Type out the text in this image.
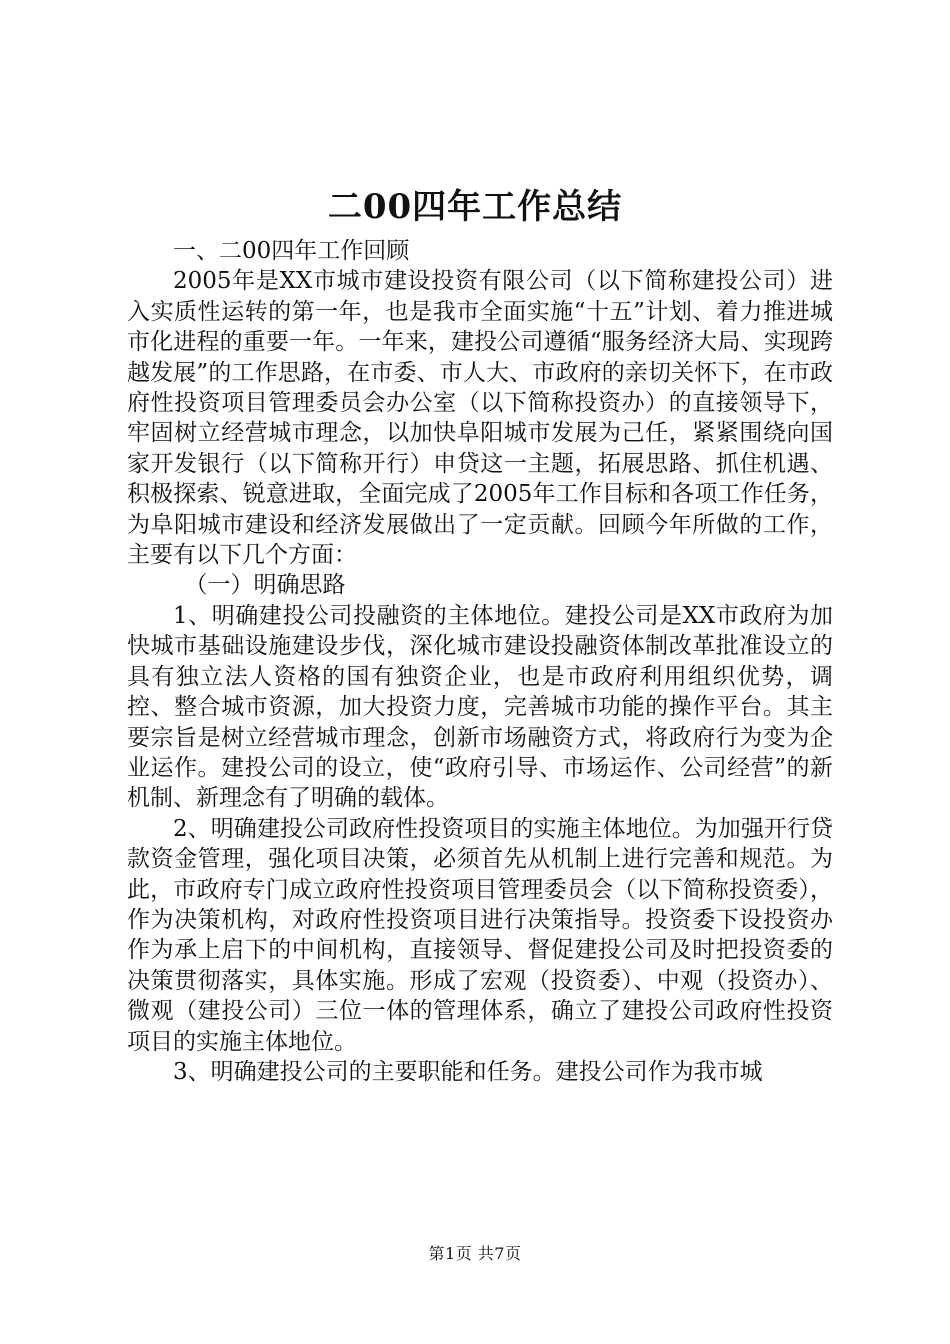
二00四年工作总结

一、二00四年工作回顾

2005年是XX市城市建设投资有限公司（以下简称建投公司）进入实质性运转的第一年，也是我市全面实施“十五”计划、着力推进城市化进程的重要一年。一年来，建投公司遵循“服务经济大局、实现跨越发展”的工作思路，在市委、市人大、市政府的亲切关怀下，在市政府性投资项目管理委员会办公室（以下简称投资办）的直接领导下，牢固树立经营城市理念，以加快阜阳城市发展为己任，紧紧围绕向国家开发银行（以下简称开行）申贷这一主题，拓展思路、抓住机遇、积极探索、锐意进取，全面完成了2005年工作目标和各项工作任务，为阜阳城市建设和经济发展做出了一定贡献。回顾今年所做的工作，主要有以下几个方面：

（一）明确思路

1、明确建投公司投融资的主体地位。建投公司是XX市政府为加快城市基础设施建设步伐，深化城市建设投融资体制改革批准设立的具有独立法人资格的国有独资企业，也是市政府利用组织优势，调控、整合城市资源，加大投资力度，完善城市功能的操作平台。其主要宗旨是树立经营城市理念，创新市场融资方式，将政府行为变为企业运作。建投公司的设立，使“政府引导、市场运作、公司经营”的新机制、新理念有了明确的载体。

2、明确建投公司政府性投资项目的实施主体地位。为加强开行贷款资金管理，强化项目决策，必须首先从机制上进行完善和规范。为此，市政府专门成立政府性投资项目管理委员会（以下简称投资委），作为决策机构，对政府性投资项目进行决策指导。投资委下设投资办作为承上启下的中间机构，直接领导、督促建投公司及时把投资委的决策贯彻落实，具体实施。形成了宏观（投资委）、中观（投资办）、微观（建投公司）三位一体的管理体系，确立了建投公司政府性投资项目的实施主体地位。

3、明确建投公司的主要职能和任务。建投公司作为我市城

第1页 共7页
